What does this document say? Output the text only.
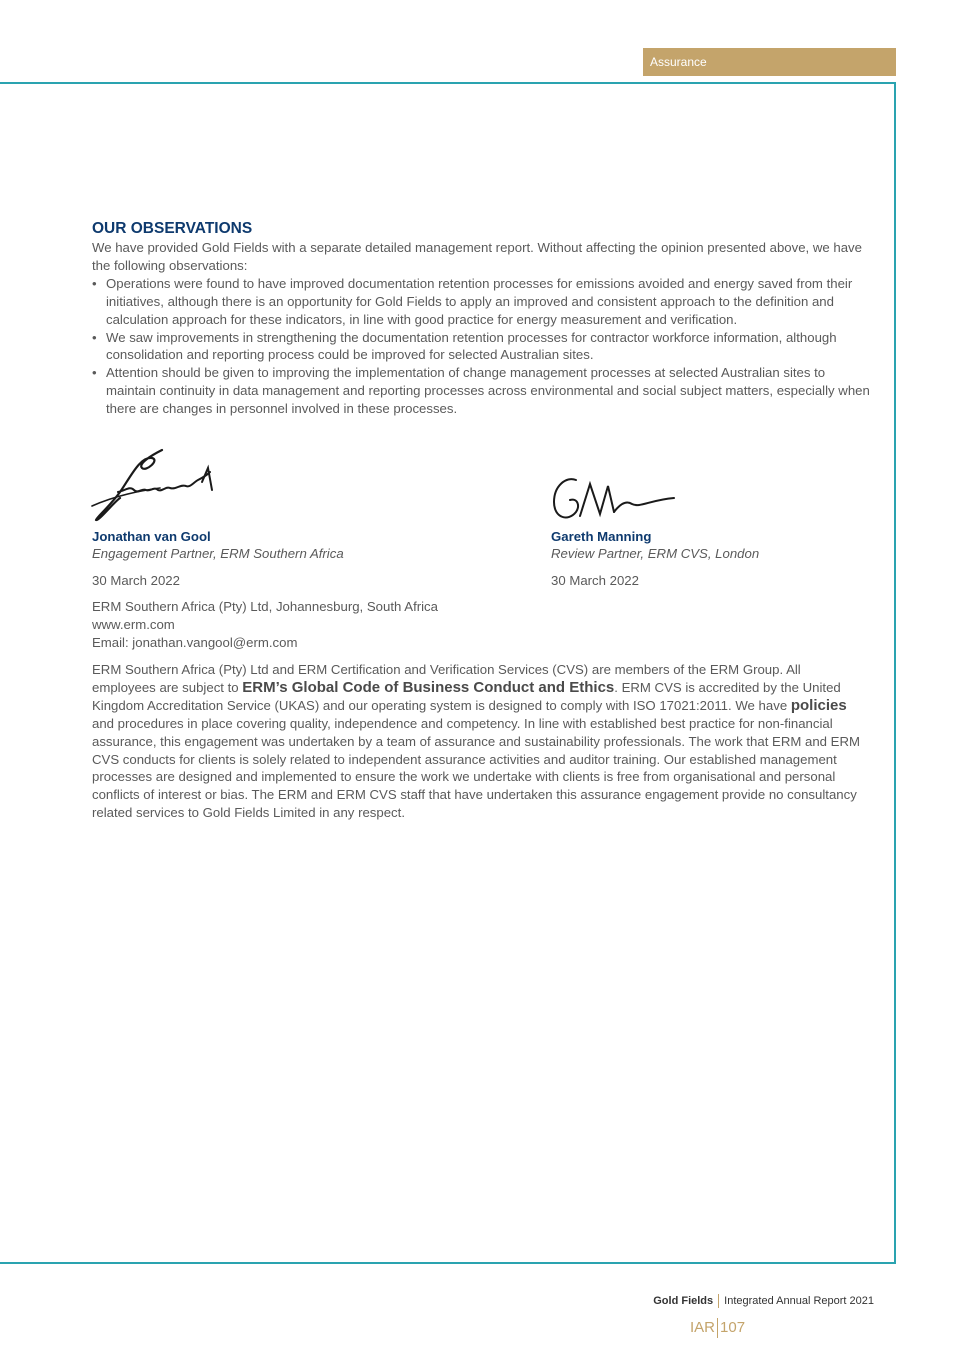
Assurance
OUR OBSERVATIONS

We have provided Gold Fields with a separate detailed management report. Without affecting the opinion presented above, we have the following observations:

• Operations were found to have improved documentation retention processes for emissions avoided and energy saved from their initiatives, although there is an opportunity for Gold Fields to apply an improved and consistent approach to the definition and calculation approach for these indicators, in line with good practice for energy measurement and verification.
• We saw improvements in strengthening the documentation retention processes for contractor workforce information, although consolidation and reporting process could be improved for selected Australian sites.
• Attention should be given to improving the implementation of change management processes at selected Australian sites to maintain continuity in data management and reporting processes across environmental and social subject matters, especially when there are changes in personnel involved in these processes.
Jonathan van Gool
Engagement Partner, ERM Southern Africa
30 March 2022
Gareth Manning
Review Partner, ERM CVS, London
30 March 2022
ERM Southern Africa (Pty) Ltd, Johannesburg, South Africa
www.erm.com
Email: jonathan.vangool@erm.com

ERM Southern Africa (Pty) Ltd and ERM Certification and Verification Services (CVS) are members of the ERM Group. All employees are subject to ERM’s Global Code of Business Conduct and Ethics. ERM CVS is accredited by the United Kingdom Accreditation Service (UKAS) and our operating system is designed to comply with ISO 17021:2011. We have policies and procedures in place covering quality, independence and competency. In line with established best practice for non-financial assurance, this engagement was undertaken by a team of assurance and sustainability professionals. The work that ERM and ERM CVS conducts for clients is solely related to independent assurance activities and auditor training. Our established management processes are designed and implemented to ensure the work we undertake with clients is free from organisational and personal conflicts of interest or bias. The ERM and ERM CVS staff that have undertaken this assurance engagement provide no consultancy related services to Gold Fields Limited in any respect.

Gold Fields Integrated Annual Report 2021
IAR 107
